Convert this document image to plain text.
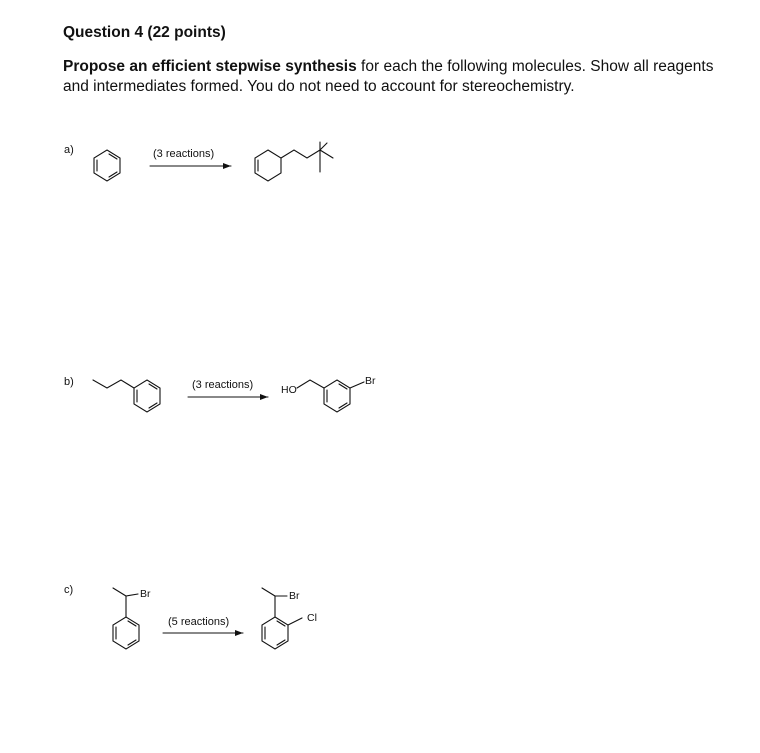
Question 4 (22 points)
Propose an efficient stepwise synthesis for each the following molecules. Show all reagents and intermediates formed. You do not need to account for stereochemistry.
a)
b)
c)
(3 reactions)
(3 reactions)
(5 reactions)
HO
Br
Br	Br
Cl
